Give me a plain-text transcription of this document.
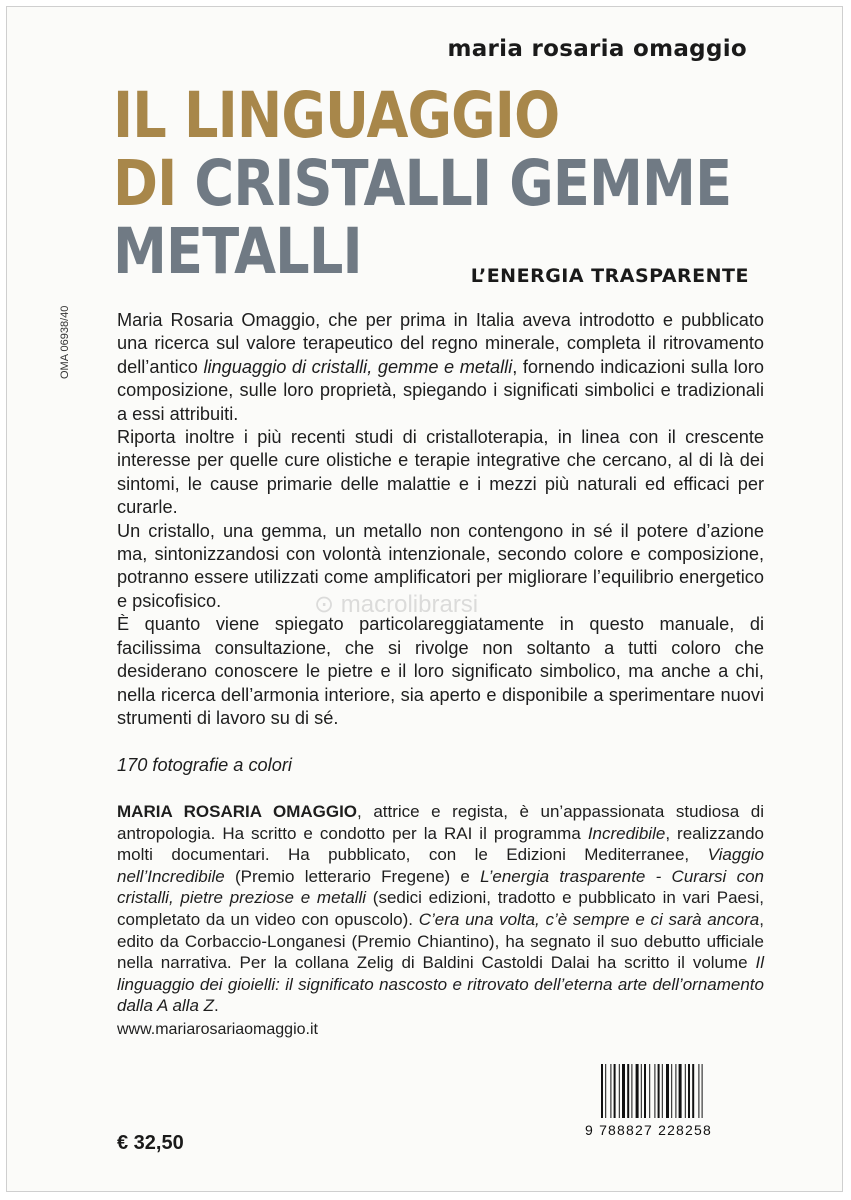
maria rosaria omaggio
IL LINGUAGGIO
DI CRISTALLI GEMME
METALLI	L’ENERGIA TRASPARENTE
OMA 06938/40	Maria Rosaria Omaggio, che per prima in Italia aveva introdotto e pubblicato una ricerca sul valore terapeutico del regno minerale, completa il ritrovamento dell’antico linguaggio di cristalli, gemme e metalli, fornendo indicazioni sulla loro composizione, sulle loro proprietà, spiegando i significati simbolici e tradizionali a essi attribuiti.

Riporta inoltre i più recenti studi di cristalloterapia, in linea con il crescente interesse per quelle cure olistiche e terapie integrative che cercano, al di là dei sintomi, le cause primarie delle malattie e i mezzi più naturali ed efficaci per curarle.

Un cristallo, una gemma, un metallo non contengono in sé il potere d’azione ma, sintonizzandosi con volontà intenzionale, secondo colore e composizione, potranno essere utilizzati come amplificatori per migliorare l’equilibrio energetico e psicofisico.

È quanto viene spiegato particolareggiatamente in questo manuale, di facilissima consultazione, che si rivolge non soltanto a tutti coloro che desiderano conoscere le pietre e il loro significato simbolico, ma anche a chi, nella ricerca dell’armonia interiore, sia aperto e disponibile a sperimentare nuovi strumenti di lavoro su di sé.

⊙ macrolibrarsi
170 fotografie a colori
MARIA ROSARIA OMAGGIO, attrice e regista, è un’appassionata studiosa di antropologia. Ha scritto e condotto per la RAI il programma Incredibile, realizzando molti documentari. Ha pubblicato, con le Edizioni Mediterranee, Viaggio nell’Incredibile (Premio letterario Fregene) e L’energia trasparente - Curarsi con cristalli, pietre preziose e metalli (sedici edizioni, tradotto e pubblicato in vari Paesi, completato da un video con opuscolo). C’era una volta, c’è sempre e ci sarà ancora, edito da Corbaccio-Longanesi (Premio Chiantino), ha segnato il suo debutto ufficiale nella narrativa. Per la collana Zelig di Baldini Castoldi Dalai ha scritto il volume Il linguaggio dei gioielli: il significato nascosto e ritrovato dell’eterna arte dell’ornamento dalla A alla Z.
www.mariarosariaomaggio.it
€ 32,50
9 788827 228258
